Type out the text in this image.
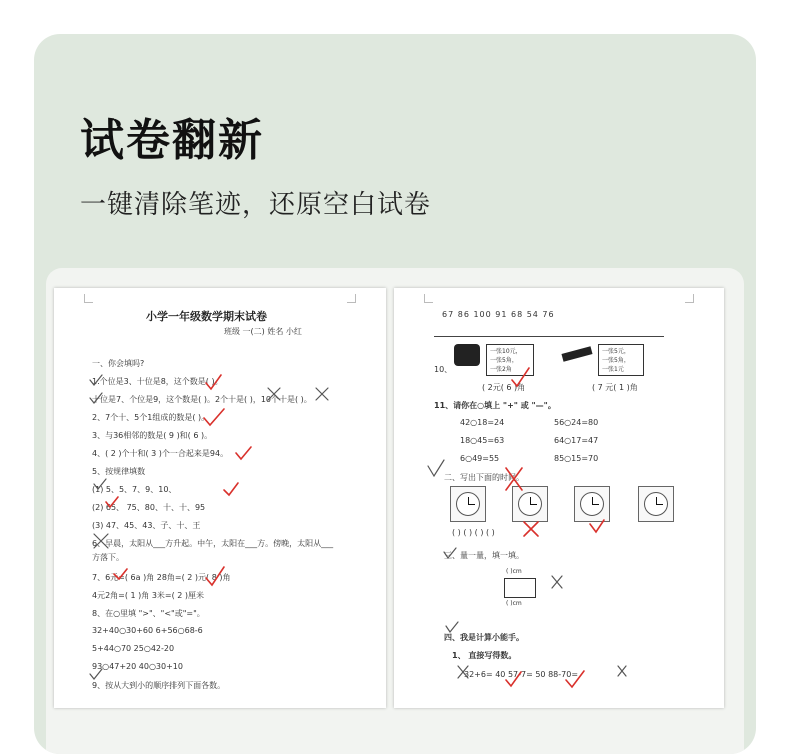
试卷翻新
一键清除笔迹，还原空白试卷
小学一年级数学期末试卷
班级 一(二) 姓名 小红
一、你会填吗?
1.个位是3、十位是8，这个数是( )。
十位是7、个位是9，这个数是( )。2个十是( )，10个十是( )。
2、7个十、5个1组成的数是( )。
3、与36相邻的数是( 9 )和( 6 )。
4、( 2 )个十和( 3 )个一合起来是94。
5、按规律填数
(1) 5、5、7、9、10、
(2) 65、 75、80、十、十、95
(3) 47、45、43、子、十、王
6、早晨，太阳从___方升起。中午，太阳在___方。傍晚，太阳从___
方落下。
7、6元=( 6a )角 28角=( 2 )元( 8 )角
4元2角=( 1 )角 3米=( 2 )厘米
8、在○里填 ">"、"<"或"="。
32+40○30+60 6+56○68-6
5+44○70 25○42-20
93○47+20 40○30+10
9、按从大到小的顺序排列下面各数。
67 86 100 91 68 54 76
10、
一张10元，
一张5角，
一张2角
一张5元，
一张5角，
一张1元
( 2元( 6 )角	( 7 元( 1 )角
11、请你在○填上 "+" 或 "—"。
42○18=24	56○24=80
18○45=63	64○17=47
6○49=55	85○15=70
二、写出下面的时间。
( ) ( ) ( ) ( )
三、量一量，填一填。
( )cm
( )cm
四、我是计算小能手。
1、 直接写得数。
32+6= 40 57-7= 50 88-70=
